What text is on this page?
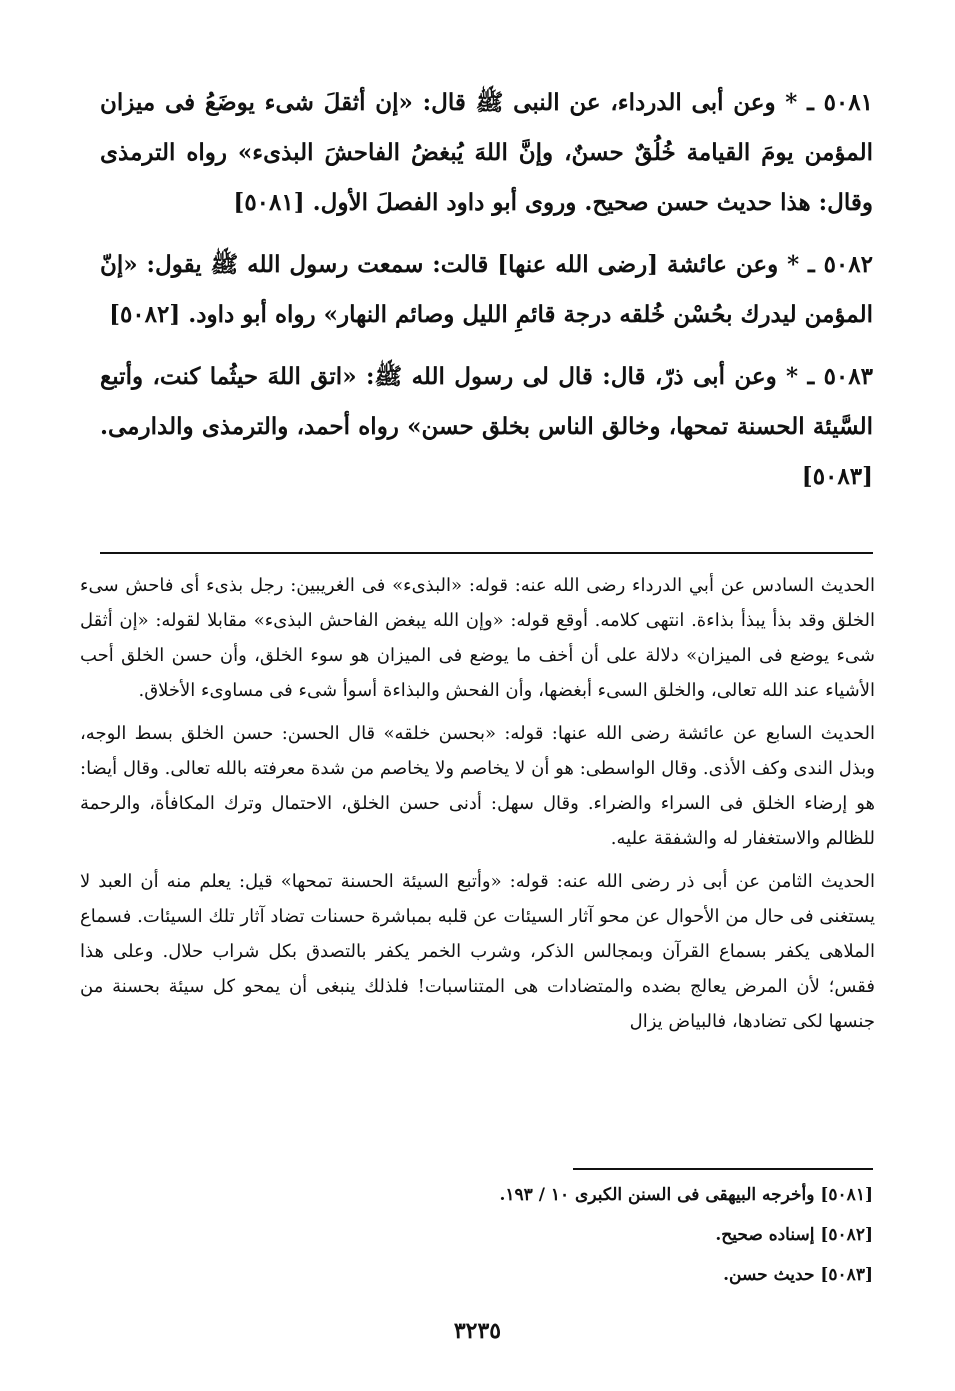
٥٠٨١ ـ * وعن أبى الدرداء، عن النبى ﷺ قال: «إن أثقلَ شىء يوضَعُ فى ميزان المؤمن يومَ القيامة خُلُقٌ حسنٌ، وإنَّ اللهَ يُبغضُ الفاحشَ البذىء» رواه الترمذى وقال: هذا حديث حسن صحيح. وروى أبو داود الفصلَ الأول. [٥٠٨١]

٥٠٨٢ ـ * وعن عائشة [رضى الله عنها] قالت: سمعت رسول الله ﷺ يقول: «إنّ المؤمن ليدرك بحُسْن خُلقه درجة قائمِ الليل وصائم النهار» رواه أبو داود. [٥٠٨٢]

٥٠٨٣ ـ * وعن أبى ذرّ، قال: قال لى رسول الله ﷺ: «اتق اللهَ حيثُما كنت، وأتبع السَّيئة الحسنة تمحها، وخالق الناس بخلق حسن» رواه أحمد، والترمذى والدارمى. [٥٠٨٣]

الحديث السادس عن أبي الدرداء رضى الله عنه: قوله: «البذىء» فى الغريبين: رجل بذىء أى فاحش سىء الخلق وقد بذأ يبذأ بذاءة. انتهى كلامه. أوقع قوله: «وإن الله يبغض الفاحش البذىء» مقابلا لقوله: «إن أثقل شىء يوضع فى الميزان» دلالة على أن أخف ما يوضع فى الميزان هو سوء الخلق، وأن حسن الخلق أحب الأشياء عند الله تعالى، والخلق السىء أبغضها، وأن الفحش والبذاءة أسوأ شىء فى مساوىء الأخلاق.

الحديث السابع عن عائشة رضى الله عنها: قوله: «بحسن خلقه» قال الحسن: حسن الخلق بسط الوجه، وبذل الندى وكف الأذى. وقال الواسطى: هو أن لا يخاصم ولا يخاصم من شدة معرفته بالله تعالى. وقال أيضا: هو إرضاء الخلق فى السراء والضراء. وقال سهل: أدنى حسن الخلق، الاحتمال وترك المكافأة، والرحمة للظالم والاستغفار له والشفقة عليه.

الحديث الثامن عن أبى ذر رضى الله عنه: قوله: «وأتبع السيئة الحسنة تمحها» قيل: يعلم منه أن العبد لا يستغنى فى حال من الأحوال عن محو آثار السيئات عن قلبه بمباشرة حسنات تضاد آثار تلك السيئات. فسماع الملاهى يكفر بسماع القرآن وبمجالس الذكر، وشرب الخمر يكفر بالتصدق بكل شراب حلال. وعلى هذا فقس؛ لأن المرض يعالج بضده والمتضادات هى المتناسبات! فلذلك ينبغى أن يمحو كل سيئة بحسنة من جنسها لكى تضادها، فالبياض يزال

[٥٠٨١] وأخرجه البيهقى فى السنن الكبرى ١٠ / ١٩٣.

[٥٠٨٢] إسناده صحيح.

[٥٠٨٣] حديث حسن.

٣٢٣٥
